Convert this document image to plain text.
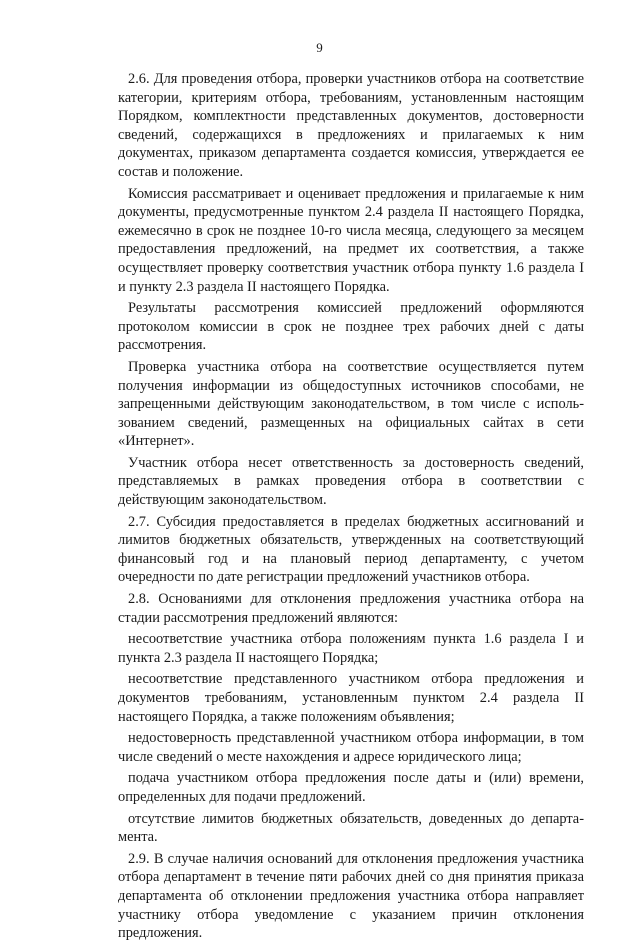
9

2.6. Для проведения отбора, проверки участников отбора на соответствие категории, критериям отбора, требованиям, установленным настоящим Порядком, комплектности представленных документов, достоверности сведений, содержащихся в предложениях и прилагаемых к ним документах, приказом департамента создается комиссия, утверждается ее состав и положение.

Комиссия рассматривает и оценивает предложения и прилагаемые к ним документы, предусмотренные пунктом 2.4 раздела II настоящего Порядка, ежемесячно в срок не позднее 10-го числа месяца, следующего за месяцем предоставления предложений, на предмет их соответствия, а также осуществляет проверку соответствия участник отбора пункту 1.6 раздела I и пункту 2.3 раздела II настоящего Порядка.

Результаты рассмотрения комиссией предложений оформляются протоколом комиссии в срок не позднее трех рабочих дней с даты рассмотрения.

Проверка участника отбора на соответствие осуществляется путем получения информации из общедоступных источников способами, не запрещенными действующим законодательством, в том числе с использованием сведений, размещенных на официальных сайтах в сети «Интернет».

Участник отбора несет ответственность за достоверность сведений, представляемых в рамках проведения отбора в соответствии с действующим законодательством.

2.7. Субсидия предоставляется в пределах бюджетных ассигнований и лимитов бюджетных обязательств, утвержденных на соответствующий финансовый год и на плановый период департаменту, с учетом очередности по дате регистрации предложений участников отбора.

2.8. Основаниями для отклонения предложения участника отбора на стадии рассмотрения предложений являются:

несоответствие участника отбора положениям пункта 1.6 раздела I и пункта 2.3 раздела II настоящего Порядка;

несоответствие представленного участником отбора предложения и документов требованиям, установленным пунктом 2.4 раздела II настоящего Порядка, а также положениям объявления;

недостоверность представленной участником отбора информации, в том числе сведений о месте нахождения и адресе юридического лица;

подача участником отбора предложения после даты и (или) времени, определенных для подачи предложений.

отсутствие лимитов бюджетных обязательств, доведенных до департамента.

2.9. В случае наличия оснований для отклонения предложения участника отбора департамент в течение пяти рабочих дней со дня принятия приказа департамента об отклонении предложения участника отбора направляет участнику отбора уведомление с указанием причин отклонения предложения.
